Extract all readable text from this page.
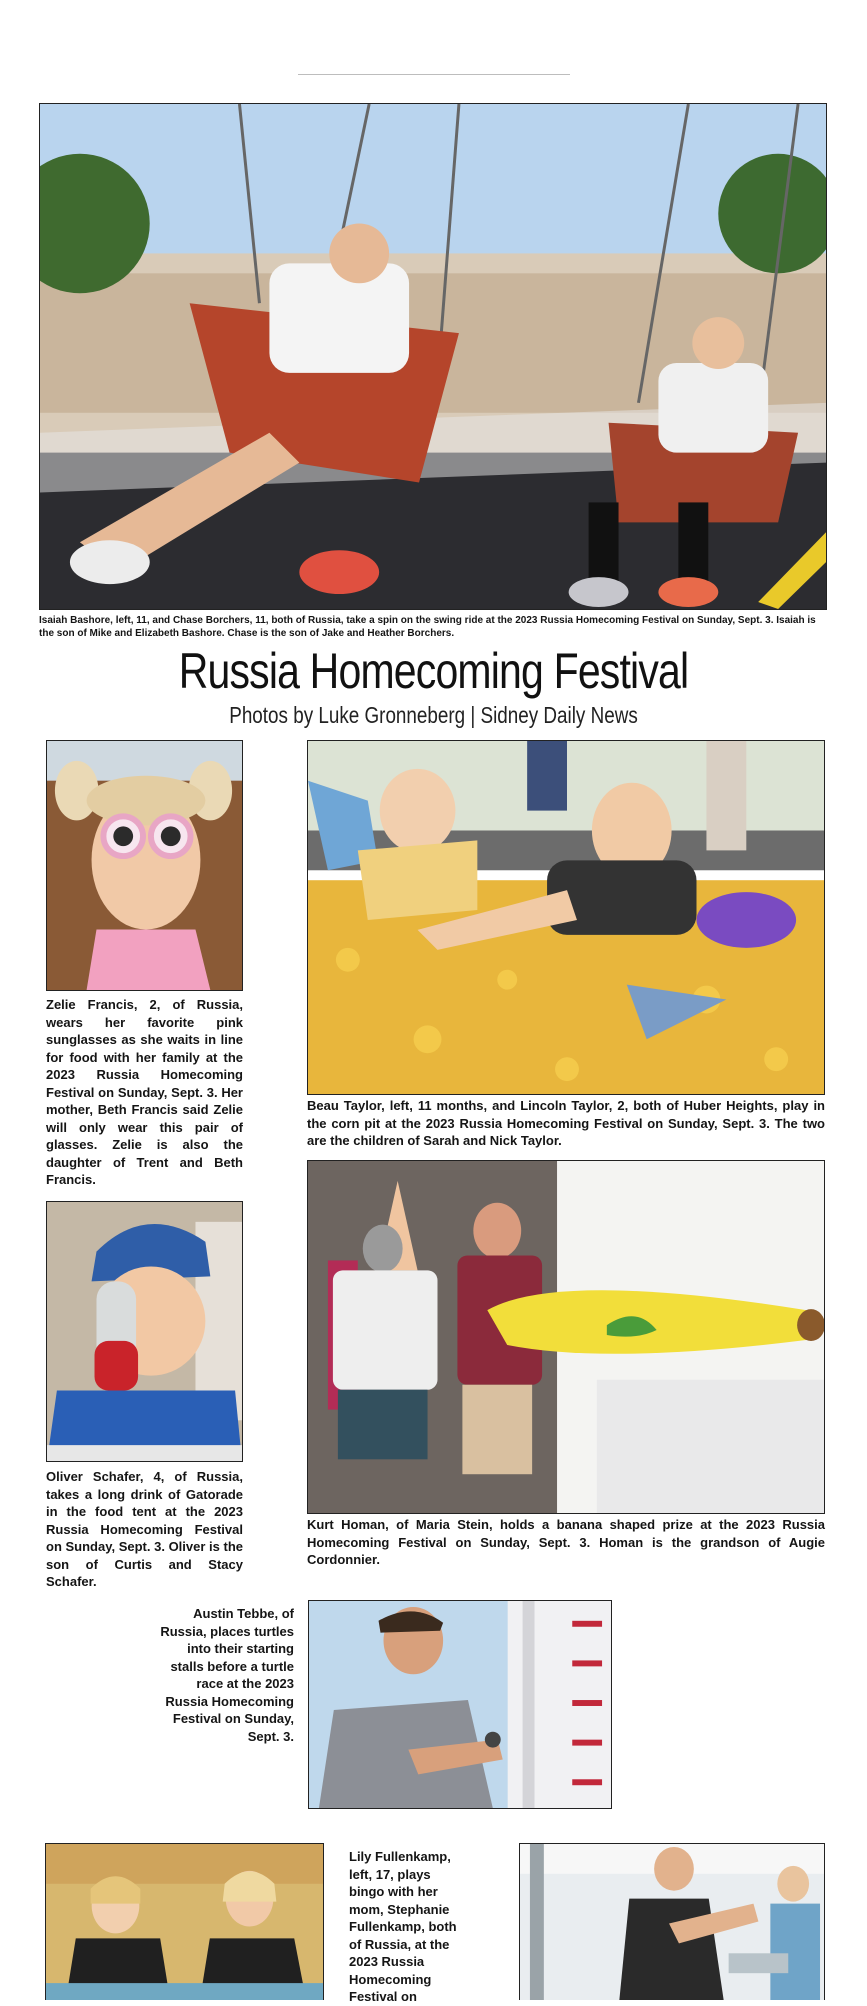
Isaiah Bashore, left, 11, and Chase Borchers, 11, both of Russia, take a spin on the swing ride at the 2023 Russia Homecoming Festival on Sunday, Sept. 3. Isaiah is the son of Mike and Elizabeth Bashore. Chase is the son of Jake and Heather Borchers.

Russia Homecoming Festival

Photos by Luke Gronneberg | Sidney Daily News

Zelie Francis, 2, of Russia, wears her favorite pink sunglasses as she waits in line for food with her family at the 2023 Russia Homecoming Festival on Sunday, Sept. 3. Her mother, Beth Francis said Zelie will only wear this pair of glasses. Zelie is also the daughter of Trent and Beth Francis.

Beau Taylor, left, 11 months, and Lincoln Taylor, 2, both of Huber Heights, play in the corn pit at the 2023 Russia Homecoming Festival on Sunday, Sept. 3. The two are the children of Sarah and Nick Taylor.

Oliver Schafer, 4, of Russia, takes a long drink of Gatorade in the food tent at the 2023 Russia Homecoming Festival on Sunday, Sept. 3. Oliver is the son of Curtis and Stacy Schafer.

Kurt Homan, of Maria Stein, holds a banana shaped prize at the 2023 Russia Homecoming Festival on Sunday, Sept. 3. Homan is the grandson of Augie Cordonnier.

Austin Tebbe, of Russia, places turtles into their starting stalls before a turtle race at the 2023 Russia Homecoming Festival on Sunday, Sept. 3.

Lily Fullenkamp, left, 17, plays bingo with her mom, Stephanie Fullenkamp, both of Russia, at the 2023 Russia Homecoming Festival on
